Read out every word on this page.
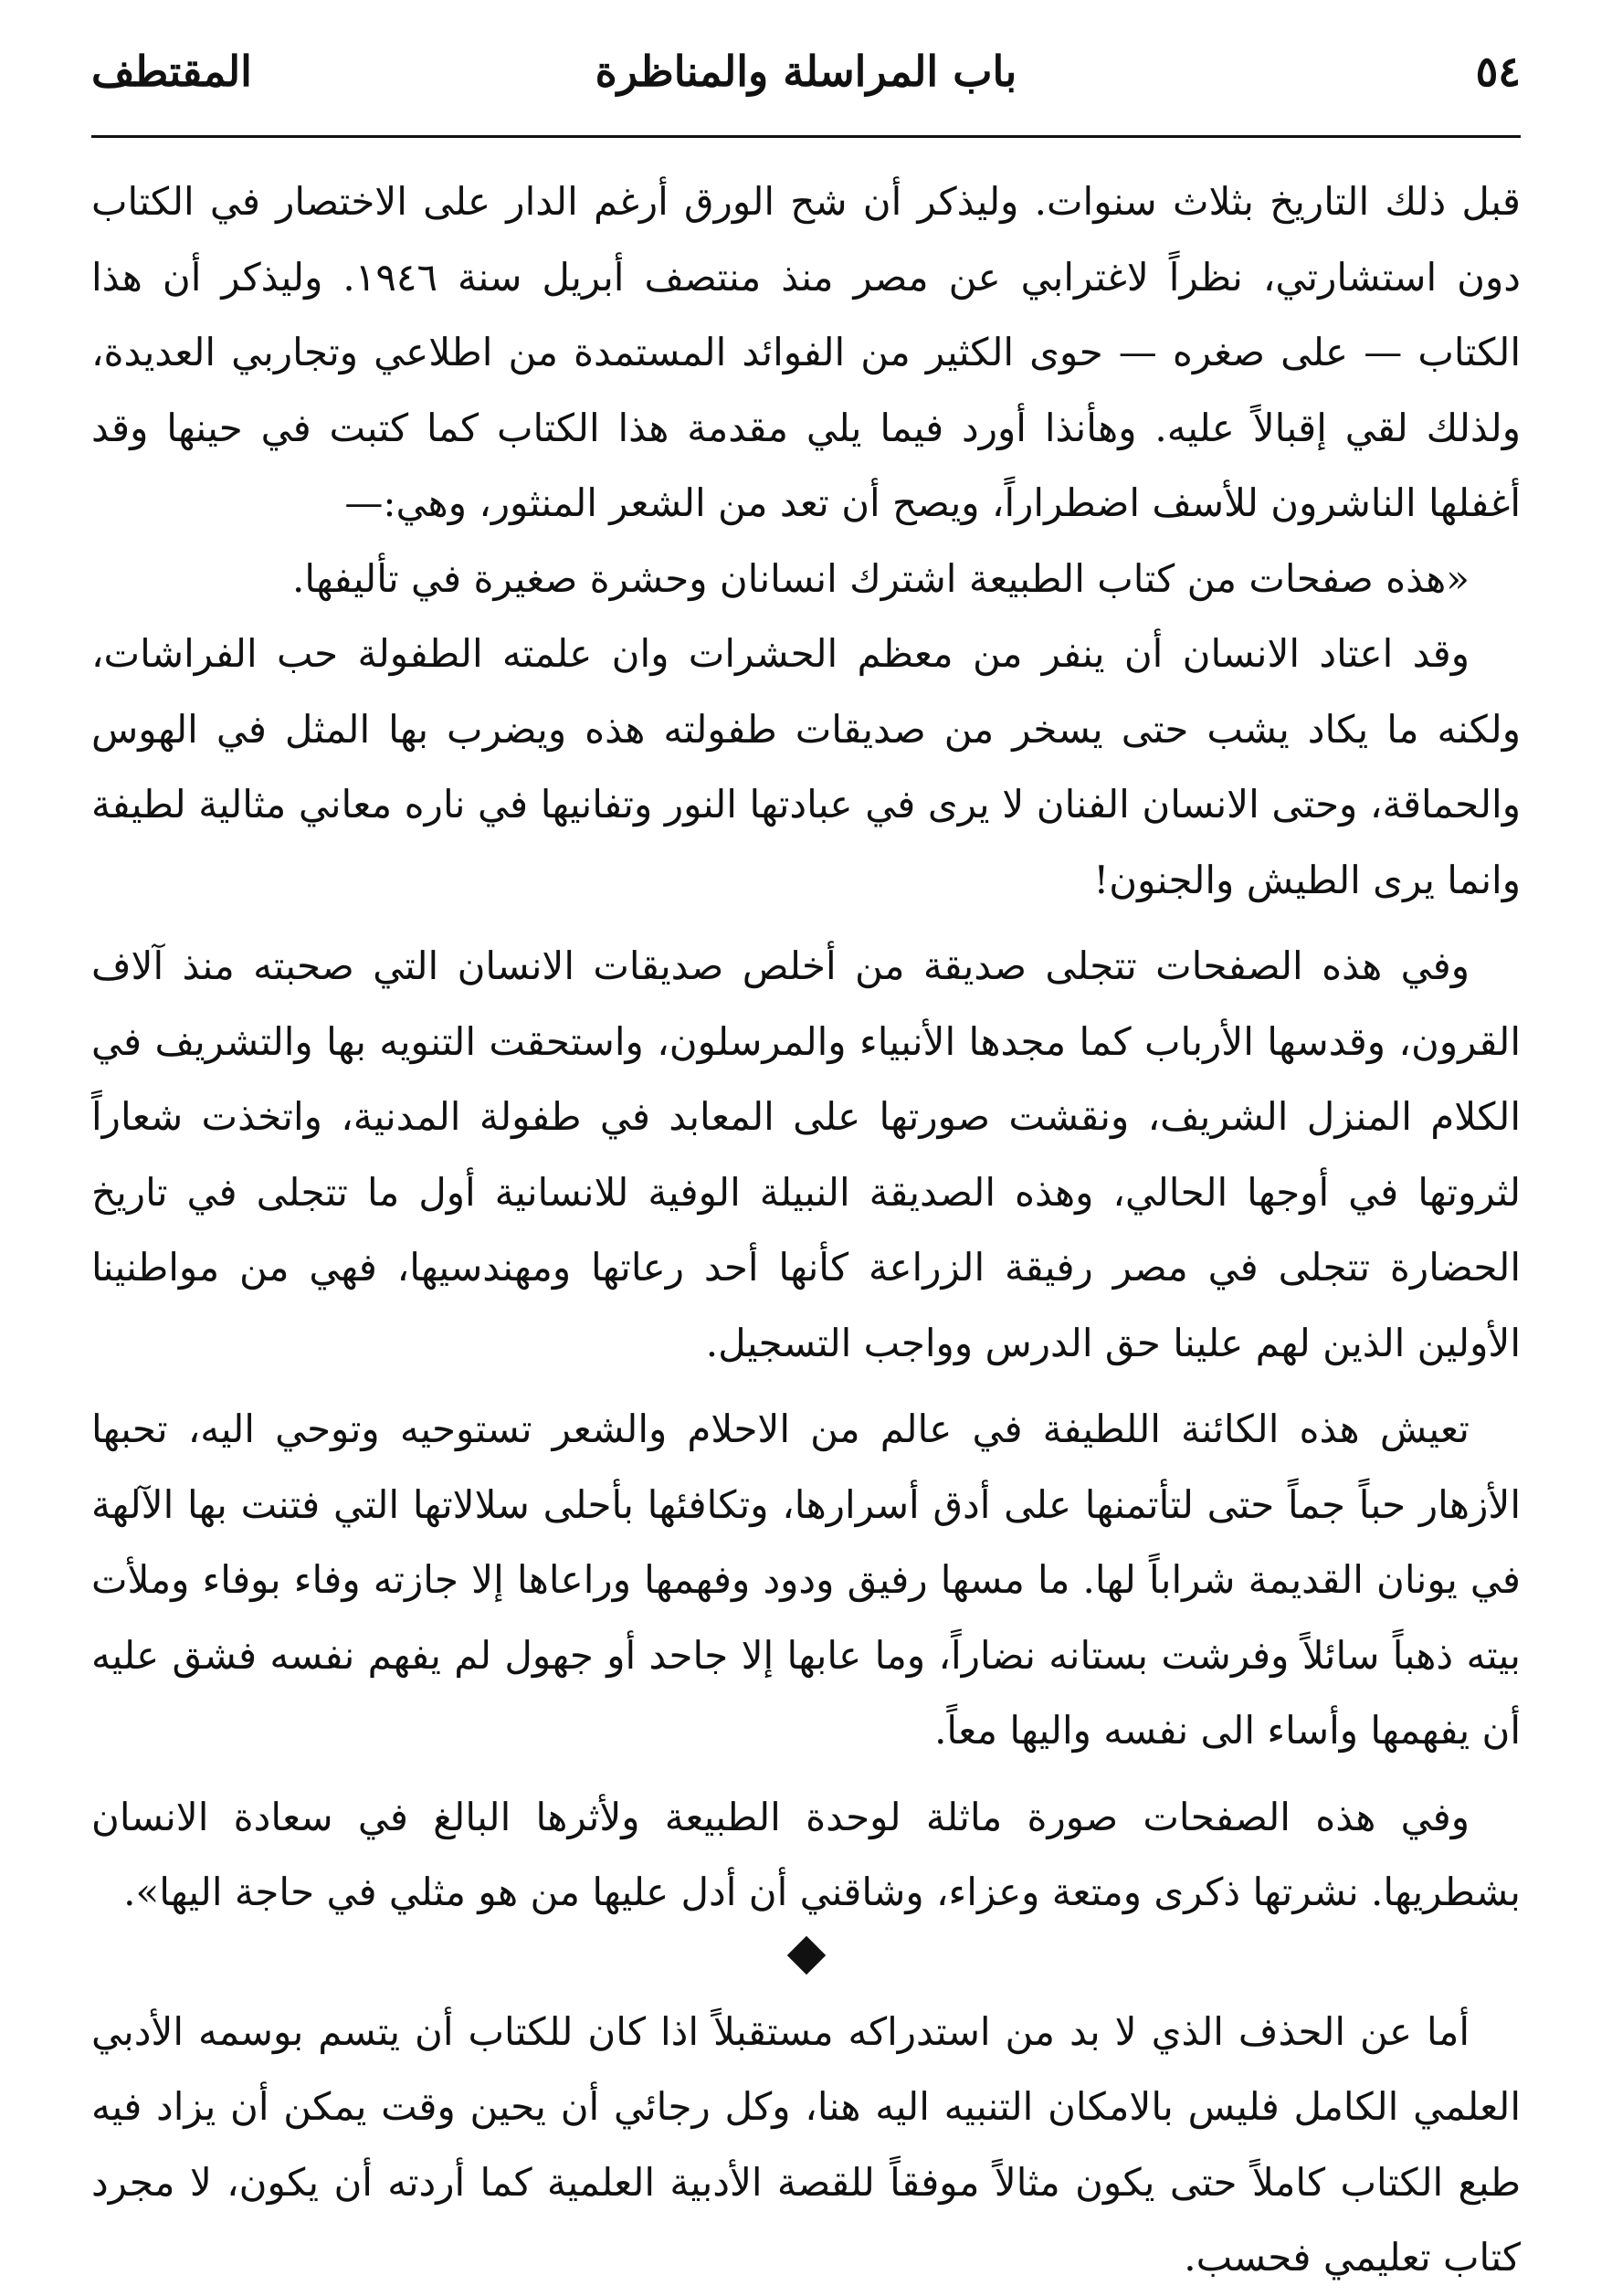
٥٤
باب المراسلة والمناظرة
المقتطف

قبل ذلك التاريخ بثلاث سنوات. وليذكر أن شح الورق أرغم الدار على الاختصار في الكتاب دون استشارتي، نظراً لاغترابي عن مصر منذ منتصف أبريل سنة ١٩٤٦. وليذكر أن هذا الكتاب — على صغره — حوى الكثير من الفوائد المستمدة من اطلاعي وتجاربي العديدة، ولذلك لقي إقبالاً عليه. وهأنذا أورد فيما يلي مقدمة هذا الكتاب كما كتبت في حينها وقد أغفلها الناشرون للأسف اضطراراً، ويصح أن تعد من الشعر المنثور، وهي:—

«هذه صفحات من كتاب الطبيعة اشترك انسانان وحشرة صغيرة في تأليفها.

وقد اعتاد الانسان أن ينفر من معظم الحشرات وان علمته الطفولة حب الفراشات، ولكنه ما يكاد يشب حتى يسخر من صديقات طفولته هذه ويضرب بها المثل في الهوس والحماقة، وحتى الانسان الفنان لا يرى في عبادتها النور وتفانيها في ناره معاني مثالية لطيفة وانما يرى الطيش والجنون!

وفي هذه الصفحات تتجلى صديقة من أخلص صديقات الانسان التي صحبته منذ آلاف القرون، وقدسها الأرباب كما مجدها الأنبياء والمرسلون، واستحقت التنويه بها والتشريف في الكلام المنزل الشريف، ونقشت صورتها على المعابد في طفولة المدنية، واتخذت شعاراً لثروتها في أوجها الحالي، وهذه الصديقة النبيلة الوفية للانسانية أول ما تتجلى في تاريخ الحضارة تتجلى في مصر رفيقة الزراعة كأنها أحد رعاتها ومهندسيها، فهي من مواطنينا الأولين الذين لهم علينا حق الدرس وواجب التسجيل.

تعيش هذه الكائنة اللطيفة في عالم من الاحلام والشعر تستوحيه وتوحي اليه، تحبها الأزهار حباً جماً حتى لتأتمنها على أدق أسرارها، وتكافئها بأحلى سلالاتها التي فتنت بها الآلهة في يونان القديمة شراباً لها. ما مسها رفيق ودود وفهمها وراعاها إلا جازته وفاء بوفاء وملأت بيته ذهباً سائلاً وفرشت بستانه نضاراً، وما عابها إلا جاحد أو جهول لم يفهم نفسه فشق عليه أن يفهمها وأساء الى نفسه واليها معاً.

وفي هذه الصفحات صورة ماثلة لوحدة الطبيعة ولأثرها البالغ في سعادة الانسان بشطريها. نشرتها ذكرى ومتعة وعزاء، وشاقني أن أدل عليها من هو مثلي في حاجة اليها».

أما عن الحذف الذي لا بد من استدراكه مستقبلاً اذا كان للكتاب أن يتسم بوسمه الأدبي العلمي الكامل فليس بالامكان التنبيه اليه هنا، وكل رجائي أن يحين وقت يمكن أن يزاد فيه طبع الكتاب كاملاً حتى يكون مثالاً موفقاً للقصة الأدبية العلمية كما أردته أن يكون، لا مجرد كتاب تعليمي فحسب.
